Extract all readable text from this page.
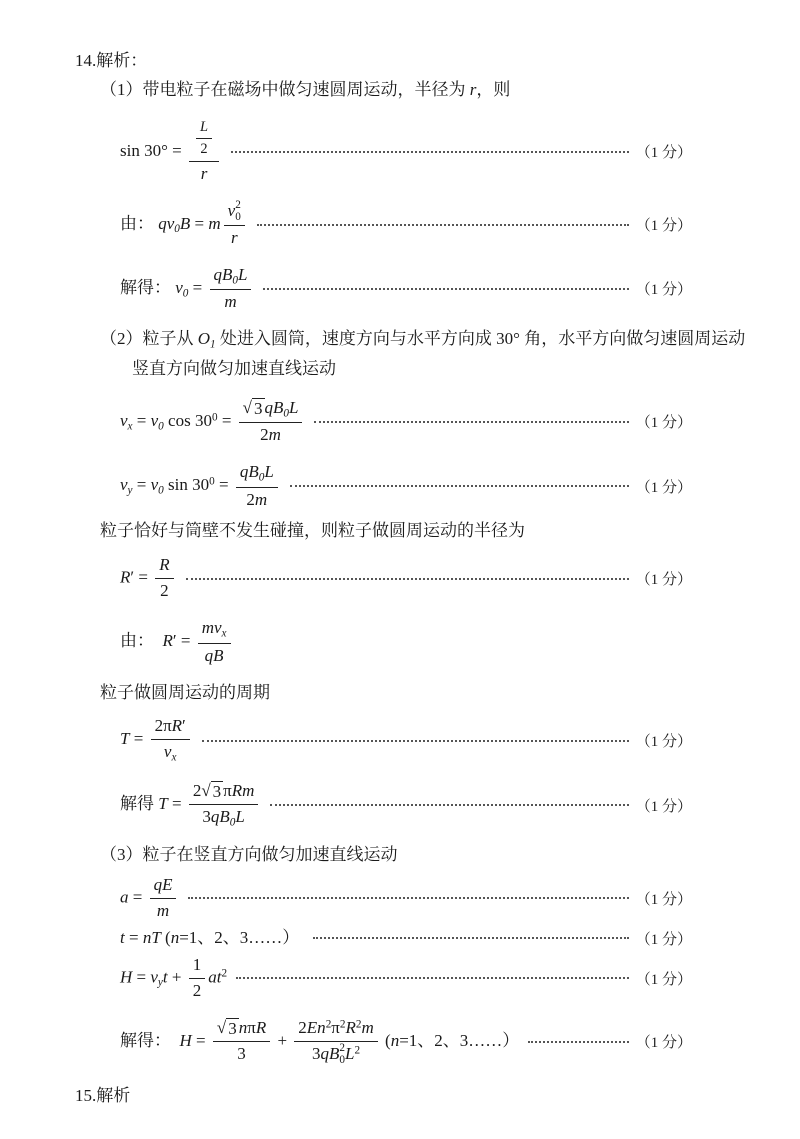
14.解析：
（1）带电粒子在磁场中做匀速圆周运动，半径为 r，则
$\sin 30^\circ = \frac{\frac{L}{2}}{r}$	（1 分）
由： qv0B = m v 2
0
r	（1 分）
解得： $v0 = \frac{qB0L}{m}$	（1 分）
（2）粒子从 O1 处进入圆筒，速度方向与水平方向成 30° 角，水平方向做匀速圆周运动
竖直方向做匀加速直线运动
vx = v0 $\cos 30^0 = \frac{√ 3 qB0L}{2m}$	（1 分）
vy = v0 $\sin 30^0 = \frac{qB0L}{2m}$	（1 分）
粒子恰好与筒壁不发生碰撞，则粒子做圆周运动的半径为
$R' = \frac{R}{2}$	（1 分）
由：  R′ =
mvx
qB
粒子做圆周运动的周期
$T = \frac{2\pi R'}{vx}$	（1 分）
解得 T =
2 √ 3 πRm
3qB0L
（1 分）
（3）粒子在竖直方向做匀加速直线运动
$a = \frac{qE}{m}$	（1 分）
t = nT (n=1、2、3……）	（1 分）
H = vyt + $\frac{1}{2} at^2$	（1 分）
解得：  H =
√ 3 nπR
3
+ $2En^2\pi^2R^2m$
3qB 2
0 $L^2$ (n=1、2、3……）	（1 分）
15.解析
